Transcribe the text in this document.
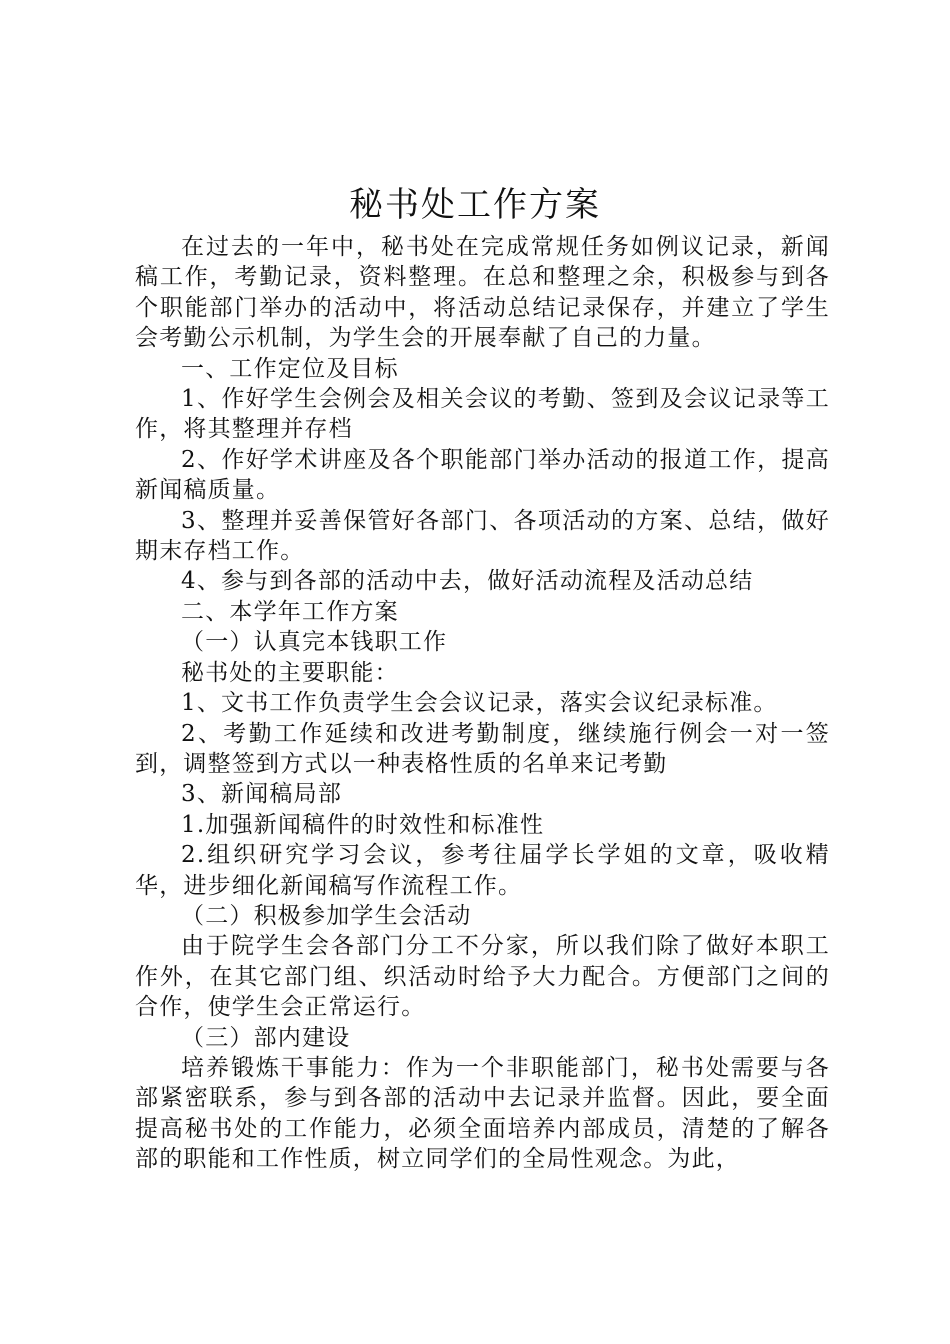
秘书处工作方案

在过去的一年中，秘书处在完成常规任务如例议记录，新闻稿工作，考勤记录，资料整理。在总和整理之余，积极参与到各个职能部门举办的活动中，将活动总结记录保存，并建立了学生会考勤公示机制，为学生会的开展奉献了自己的力量。

一、工作定位及目标

1、作好学生会例会及相关会议的考勤、签到及会议记录等工作，将其整理并存档

2、作好学术讲座及各个职能部门举办活动的报道工作，提高新闻稿质量。

3、整理并妥善保管好各部门、各项活动的方案、总结，做好期末存档工作。

4、参与到各部的活动中去，做好活动流程及活动总结

二、本学年工作方案

（一）认真完本钱职工作

秘书处的主要职能：

1、文书工作负责学生会会议记录，落实会议纪录标准。

2、考勤工作延续和改进考勤制度，继续施行例会一对一签到，调整签到方式以一种表格性质的名单来记考勤

3、新闻稿局部

1.加强新闻稿件的时效性和标准性

2.组织研究学习会议，参考往届学长学姐的文章，吸收精华，进步细化新闻稿写作流程工作。

（二）积极参加学生会活动

由于院学生会各部门分工不分家，所以我们除了做好本职工作外，在其它部门组、织活动时给予大力配合。方便部门之间的合作，使学生会正常运行。

（三）部内建设

培养锻炼干事能力：作为一个非职能部门，秘书处需要与各部紧密联系，参与到各部的活动中去记录并监督。因此，要全面提高秘书处的工作能力，必须全面培养内部成员，清楚的了解各部的职能和工作性质，树立同学们的全局性观念。为此，
